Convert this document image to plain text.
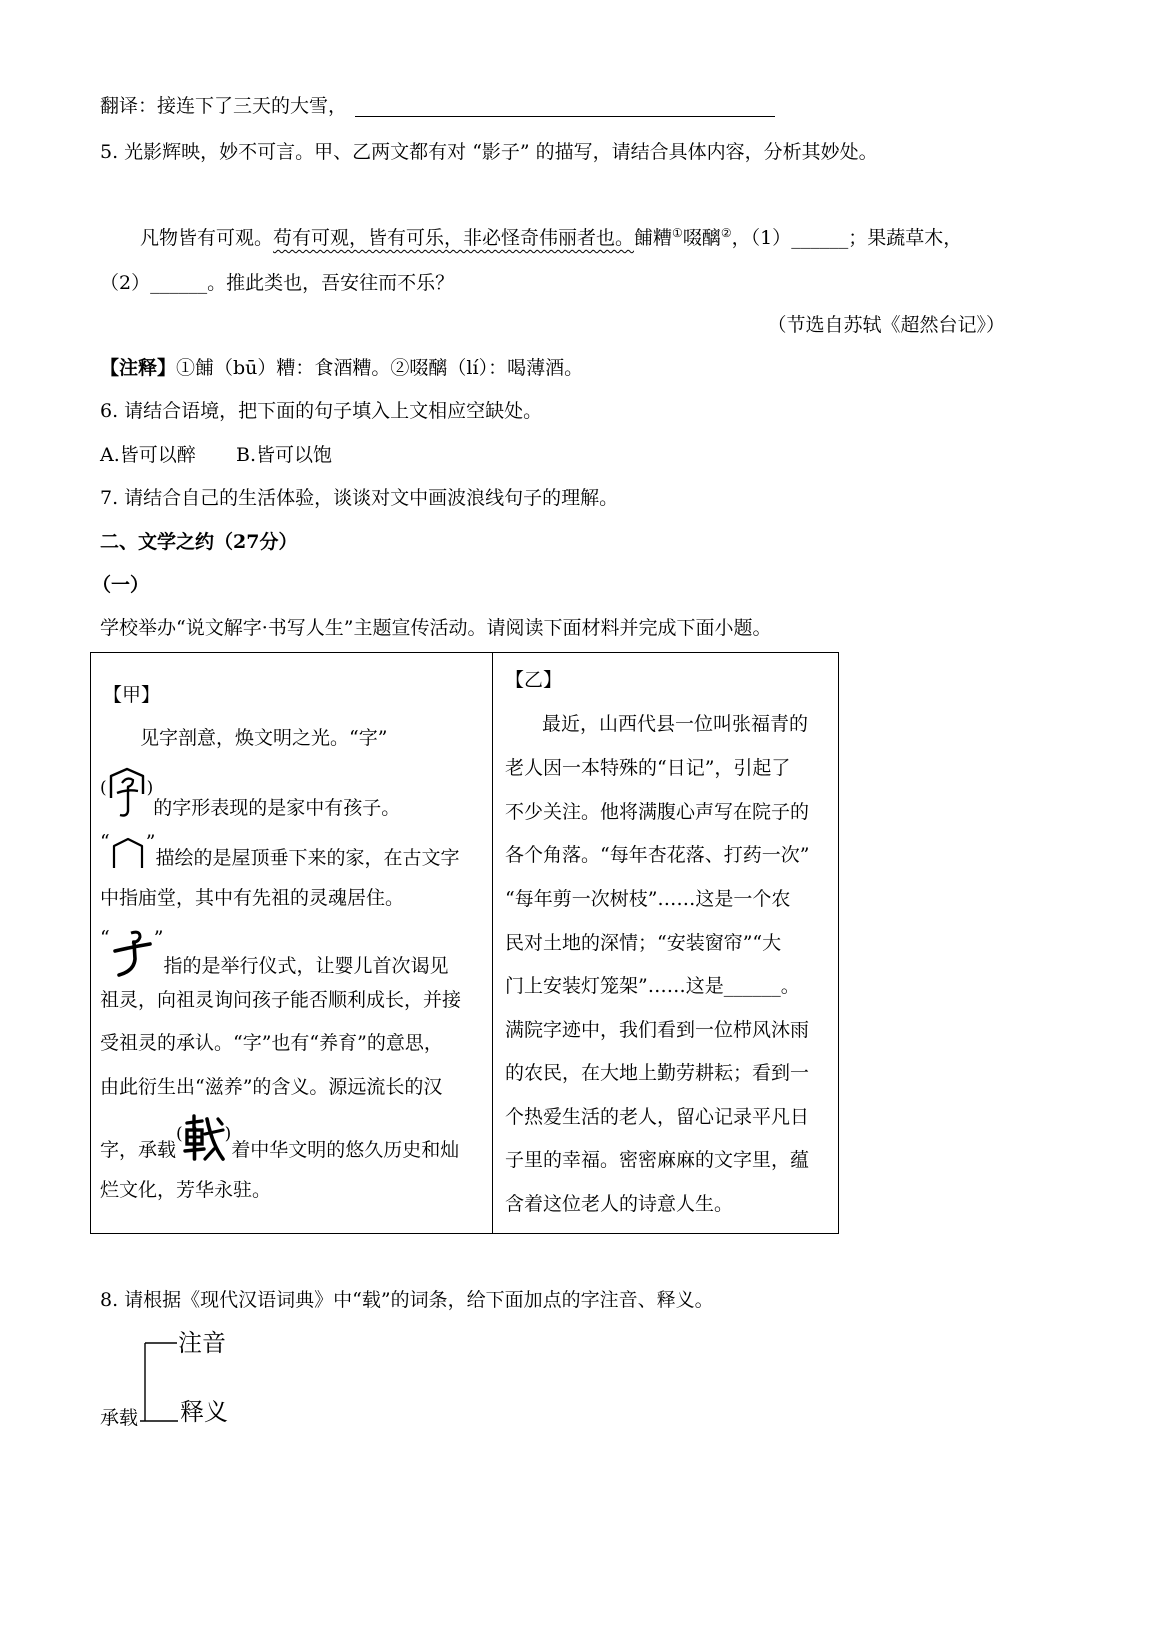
翻译：接连下了三天的大雪，
5. 光影辉映，妙不可言。甲、乙两文都有对 “影子” 的描写，请结合具体内容，分析其妙处。
凡物皆有可观。 苟有可观，皆有可乐，非必怪奇伟丽者也。 餔糟 ① 啜醨 ② ，（1） ______ ；果蔬草木，
（2） ______ 。推此类也，吾安往而不乐？
（节选自苏轼《超然台记》）
【注释】 ①餔（bū）糟：食酒糟。②啜醨（lí）：喝薄酒。
6. 请结合语境，把下面的句子填入上文相应空缺处。
A.皆可以醉 B.皆可以饱
7. 请结合自己的生活体验，谈谈对文中画波浪线句子的理解。
二、文学之约（27分）
（一）
学校举办“说文解字·书写人生”主题宣传活动。请阅读下面材料并完成下面小题。
【甲】
见字剖意，焕文明之光。“字”
( )
的字形表现的是家中有孩子。
“ ”
描绘的是屋顶垂下来的家，在古文字
中指庙堂，其中有先祖的灵魂居住。
“ ”
指的是举行仪式，让婴儿首次谒见
祖灵，向祖灵询问孩子能否顺利成长，并接
受祖灵的承认。“字”也有“养育”的意思，
由此衍生出“滋养”的含义。源远流长的汉
字，承载
( )
着中华文明的悠久历史和灿
烂文化，芳华永驻。
【乙】
最近，山西代县一位叫张福青的
老人因一本特殊的“日记”，引起了
不少关注。他将满腹心声写在院子的
各个角落。“每年杏花落、打药一次”
“每年剪一次树枝”……这是一个农
民对土地的深情；“安装窗帘”“大
门上安装灯笼架”……这是______。
满院字迹中，我们看到一位栉风沐雨
的农民，在大地上勤劳耕耘；看到一
个热爱生活的老人，留心记录平凡日
子里的幸福。密密麻麻的文字里，蕴
含着这位老人的诗意人生。
8. 请根据《现代汉语词典》中“载”的词条，给下面加点的字注音、释义。
注音
释义
承载
